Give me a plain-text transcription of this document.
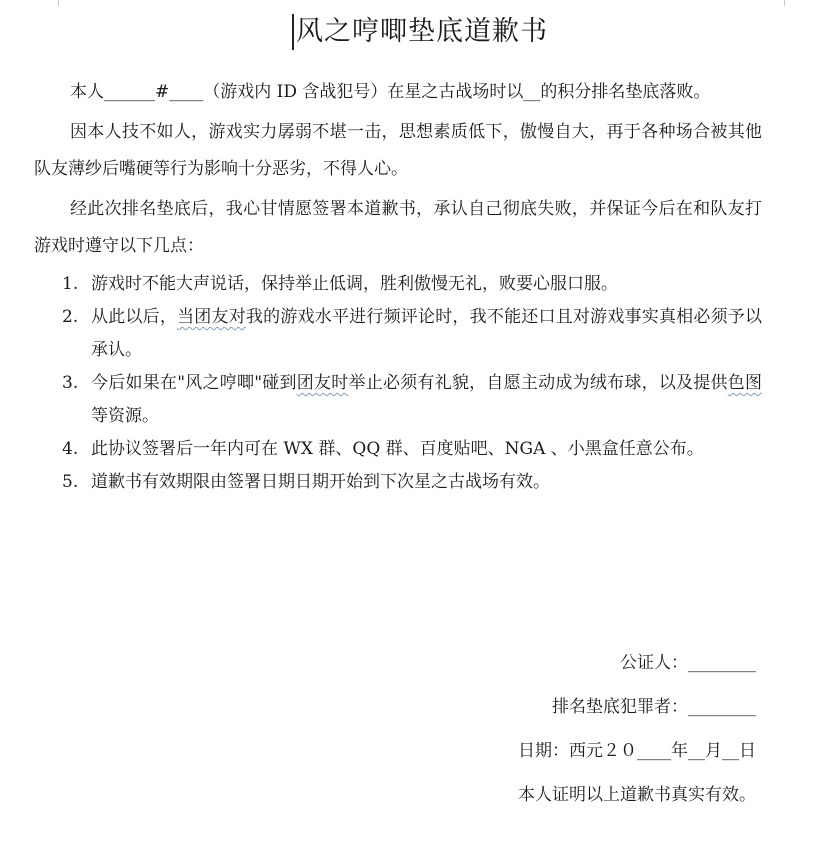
风之哼唧垫底道歉书

本人______#____（游戏内 ID 含战犯号）在星之古战场时以__的积分排名垫底落败。

因本人技不如人，游戏实力孱弱不堪一击，思想素质低下，傲慢自大，再于各种场合被其他队友薄纱后嘴硬等行为影响十分恶劣，不得人心。

经此次排名垫底后，我心甘情愿签署本道歉书，承认自己彻底失败，并保证今后在和队友打游戏时遵守以下几点：

1. 游戏时不能大声说话，保持举止低调，胜利傲慢无礼，败要心服口服。
2. 从此以后，当团友对我的游戏水平进行频评论时，我不能还口且对游戏事实真相必须予以承认。
3. 今后如果在"风之哼唧"碰到团友时举止必须有礼貌，自愿主动成为绒布球，以及提供色图等资源。
4. 此协议签署后一年内可在 WX 群、QQ 群、百度贴吧、NGA 、小黑盒任意公布。
5. 道歉书有效期限由签署日期日期开始到下次星之古战场有效。
公证人：________
排名垫底犯罪者：________
日期：西元２０____年__月__日
本人证明以上道歉书真实有效。
